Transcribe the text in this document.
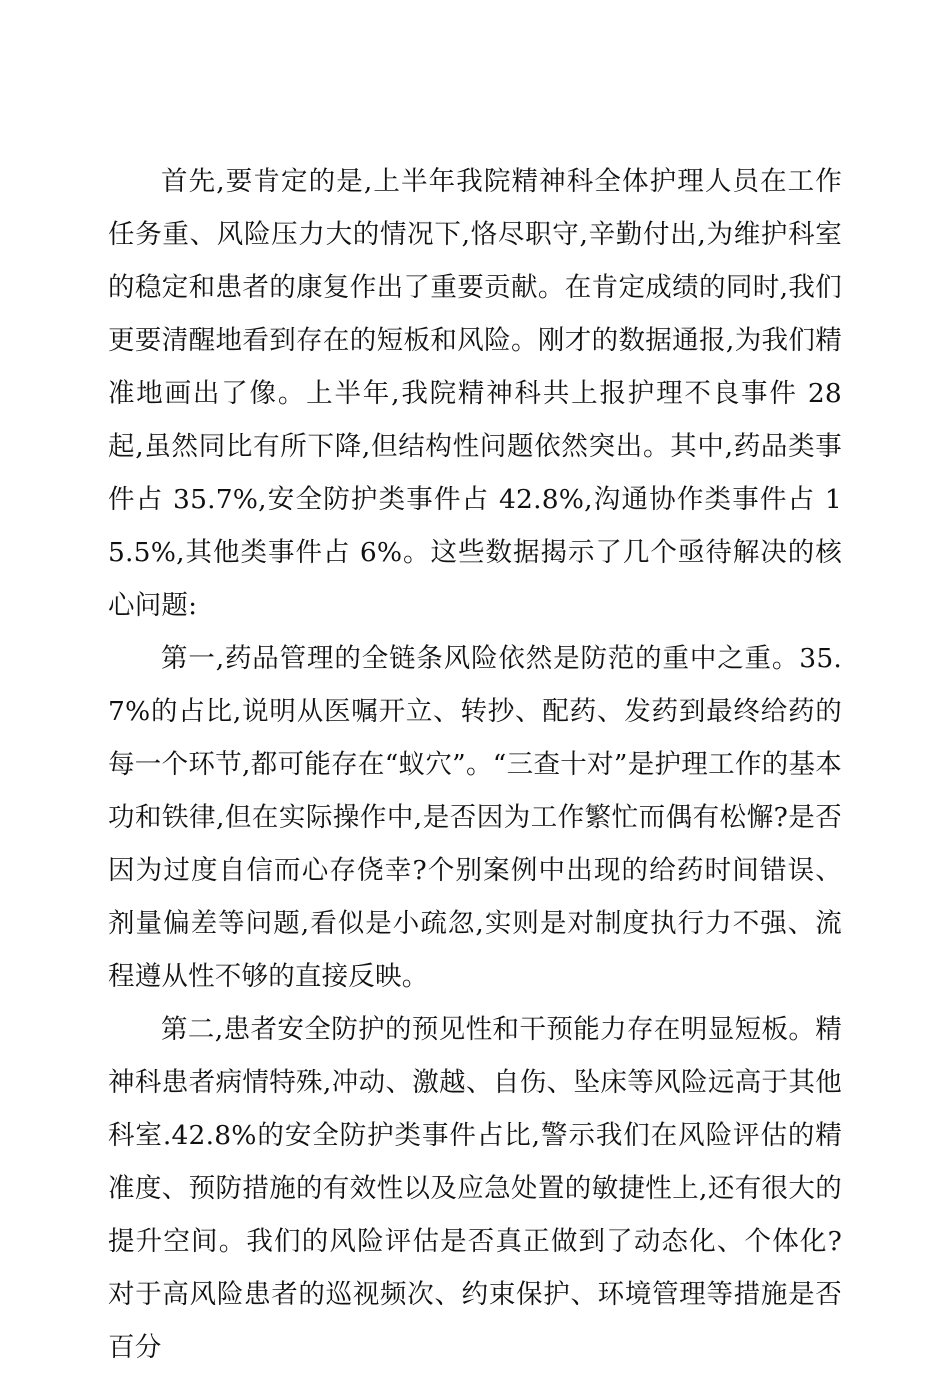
首先,要肯定的是,上半年我院精神科全体护理人员在工作任务重、风险压力大的情况下,恪尽职守,辛勤付出,为维护科室的稳定和患者的康复作出了重要贡献。在肯定成绩的同时,我们更要清醒地看到存在的短板和风险。刚才的数据通报,为我们精准地画出了像。上半年,我院精神科共上报护理不良事件 28 起,虽然同比有所下降,但结构性问题依然突出。其中,药品类事件占 35.7%,安全防护类事件占 42.8%,沟通协作类事件占 15.5%,其他类事件占 6%。这些数据揭示了几个亟待解决的核心问题:

第一,药品管理的全链条风险依然是防范的重中之重。35.7%的占比,说明从医嘱开立、转抄、配药、发药到最终给药的每一个环节,都可能存在“蚁穴”。“三查十对”是护理工作的基本功和铁律,但在实际操作中,是否因为工作繁忙而偶有松懈?是否因为过度自信而心存侥幸?个别案例中出现的给药时间错误、剂量偏差等问题,看似是小疏忽,实则是对制度执行力不强、流程遵从性不够的直接反映。

第二,患者安全防护的预见性和干预能力存在明显短板。精神科患者病情特殊,冲动、激越、自伤、坠床等风险远高于其他科室.42.8%的安全防护类事件占比,警示我们在风险评估的精准度、预防措施的有效性以及应急处置的敏捷性上,还有很大的提升空间。我们的风险评估是否真正做到了动态化、个体化?对于高风险患者的巡视频次、约束保护、环境管理等措施是否百分
